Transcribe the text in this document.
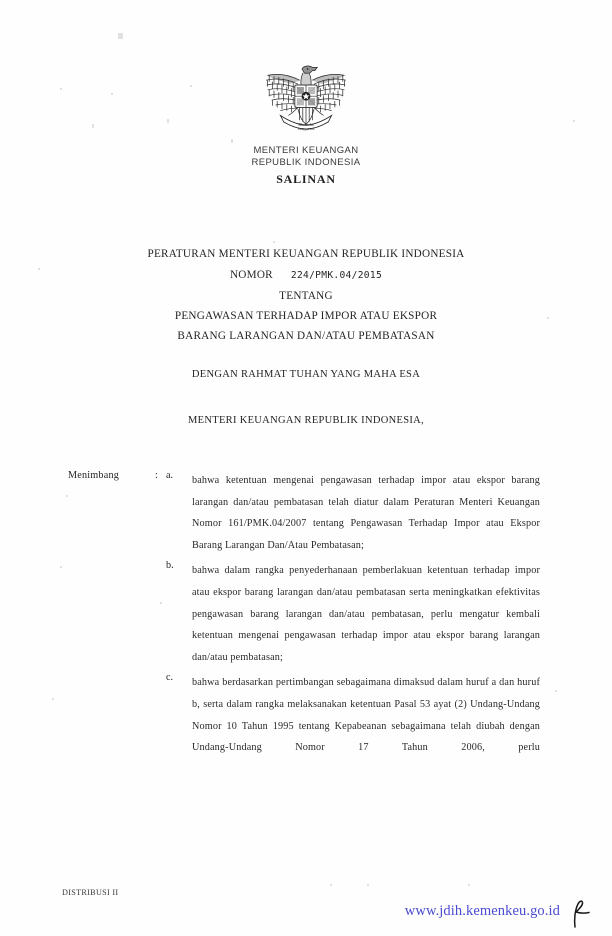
Bhinneka
Tunggal Ika
MENTERI KEUANGAN
REPUBLIK INDONESIA
SALINAN
PERATURAN MENTERI KEUANGAN REPUBLIK INDONESIA
NOMOR 224/PMK.04/2015
TENTANG
PENGAWASAN TERHADAP IMPOR ATAU EKSPOR
BARANG LARANGAN DAN/ATAU PEMBATASAN
DENGAN RAHMAT TUHAN YANG MAHA ESA
MENTERI KEUANGAN REPUBLIK INDONESIA,
Menimbang	: a.	bahwa ketentuan mengenai pengawasan terhadap impor atau ekspor barang larangan dan/atau pembatasan telah diatur dalam Peraturan Menteri Keuangan Nomor 161/PMK.04/2007 tentang Pengawasan Terhadap Impor atau Ekspor Barang Larangan Dan/Atau Pembatasan;
b.	bahwa dalam rangka penyederhanaan pemberlakuan ketentuan terhadap impor atau ekspor barang larangan dan/atau pembatasan serta meningkatkan efektivitas pengawasan barang larangan dan/atau pembatasan, perlu mengatur kembali ketentuan mengenai pengawasan terhadap impor atau ekspor barang larangan dan/atau pembatasan;
c.	bahwa berdasarkan pertimbangan sebagaimana dimaksud dalam huruf a dan huruf b, serta dalam rangka melaksanakan ketentuan Pasal 53 ayat (2) Undang-Undang Nomor 10 Tahun 1995 tentang Kepabeanan sebagaimana telah diubah dengan Undang-Undang Nomor 17 Tahun 2006, perlu
DISTRIBUSI II
www.jdih.kemenkeu.go.id
